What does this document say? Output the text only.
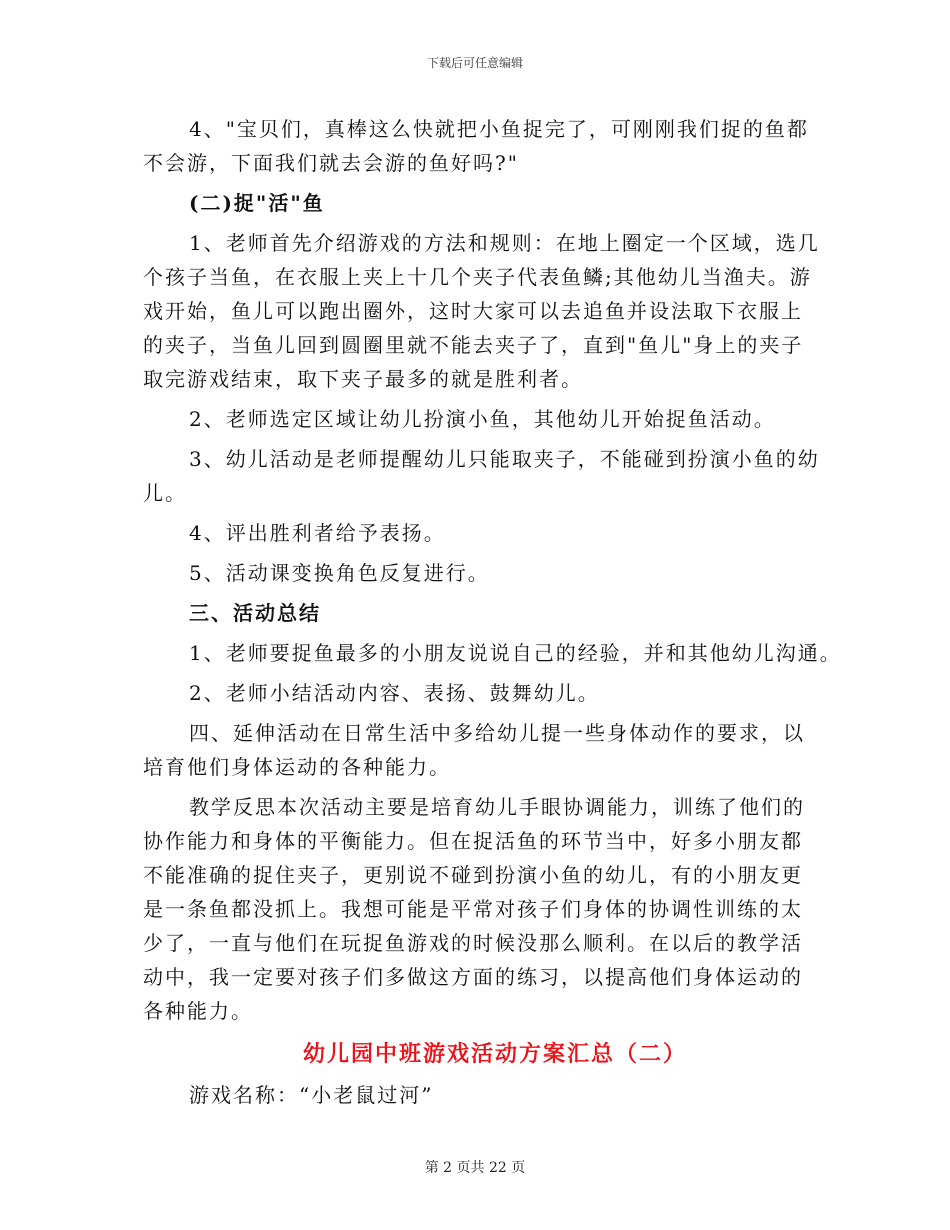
下载后可任意编辑

4、"宝贝们，真棒这么快就把小鱼捉完了，可刚刚我们捉的鱼都

不会游，下面我们就去会游的鱼好吗?"

(二)捉"活"鱼

1、老师首先介绍游戏的方法和规则：在地上圈定一个区域，选几

个孩子当鱼，在衣服上夹上十几个夹子代表鱼鳞;其他幼儿当渔夫。游

戏开始，鱼儿可以跑出圈外，这时大家可以去追鱼并设法取下衣服上

的夹子，当鱼儿回到圆圈里就不能去夹子了，直到"鱼儿"身上的夹子

取完游戏结束，取下夹子最多的就是胜利者。

2、老师选定区域让幼儿扮演小鱼，其他幼儿开始捉鱼活动。

3、幼儿活动是老师提醒幼儿只能取夹子，不能碰到扮演小鱼的幼

儿。

4、评出胜利者给予表扬。

5、活动课变换角色反复进行。

三、活动总结

1、老师要捉鱼最多的小朋友说说自己的经验，并和其他幼儿沟通。

2、老师小结活动内容、表扬、鼓舞幼儿。

四、延伸活动在日常生活中多给幼儿提一些身体动作的要求，以

培育他们身体运动的各种能力。

教学反思本次活动主要是培育幼儿手眼协调能力，训练了他们的

协作能力和身体的平衡能力。但在捉活鱼的环节当中，好多小朋友都

不能准确的捉住夹子，更别说不碰到扮演小鱼的幼儿，有的小朋友更

是一条鱼都没抓上。我想可能是平常对孩子们身体的协调性训练的太

少了，一直与他们在玩捉鱼游戏的时候没那么顺利。在以后的教学活

动中，我一定要对孩子们多做这方面的练习，以提高他们身体运动的

各种能力。

幼儿园中班游戏活动方案汇总（二）
游戏名称：“小老鼠过河”
第 2 页共 22 页
